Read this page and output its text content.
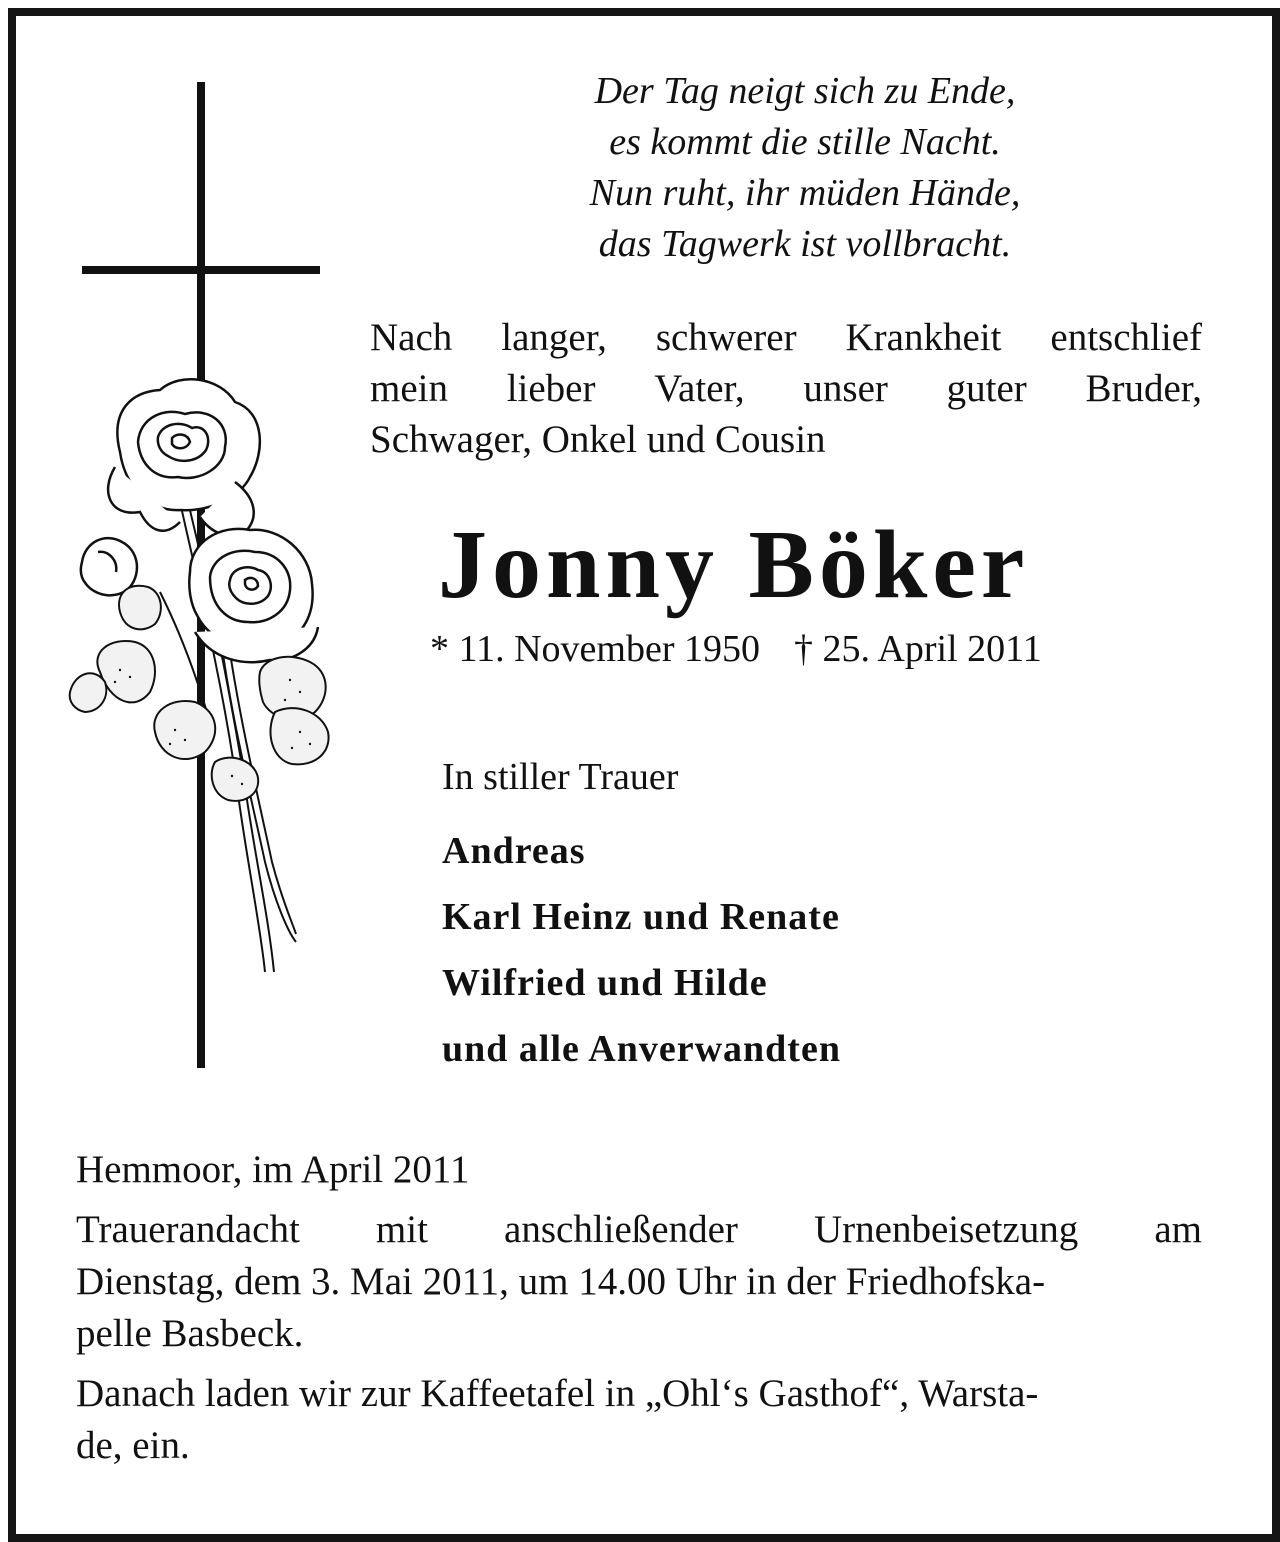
Der Tag neigt sich zu Ende,
es kommt die stille Nacht.
Nun ruht, ihr müden Hände,
das Tagwerk ist vollbracht.
Nach langer, schwerer Krankheit entschlief
mein lieber Vater, unser guter Bruder,
Schwager, Onkel und Cousin
Jonny Böker
* 11. November 1950 † 25. April 2011
In stiller Trauer
Andreas
Karl Heinz und Renate
Wilfried und Hilde
und alle Anverwandten
Hemmoor, im April 2011
Trauerandacht mit anschließender Urnenbeisetzung am
Dienstag, dem 3. Mai 2011, um 14.00 Uhr in der Friedhofska-
pelle Basbeck.
Danach laden wir zur Kaffeetafel in „Ohl‘s Gasthof“, Warsta-
de, ein.
